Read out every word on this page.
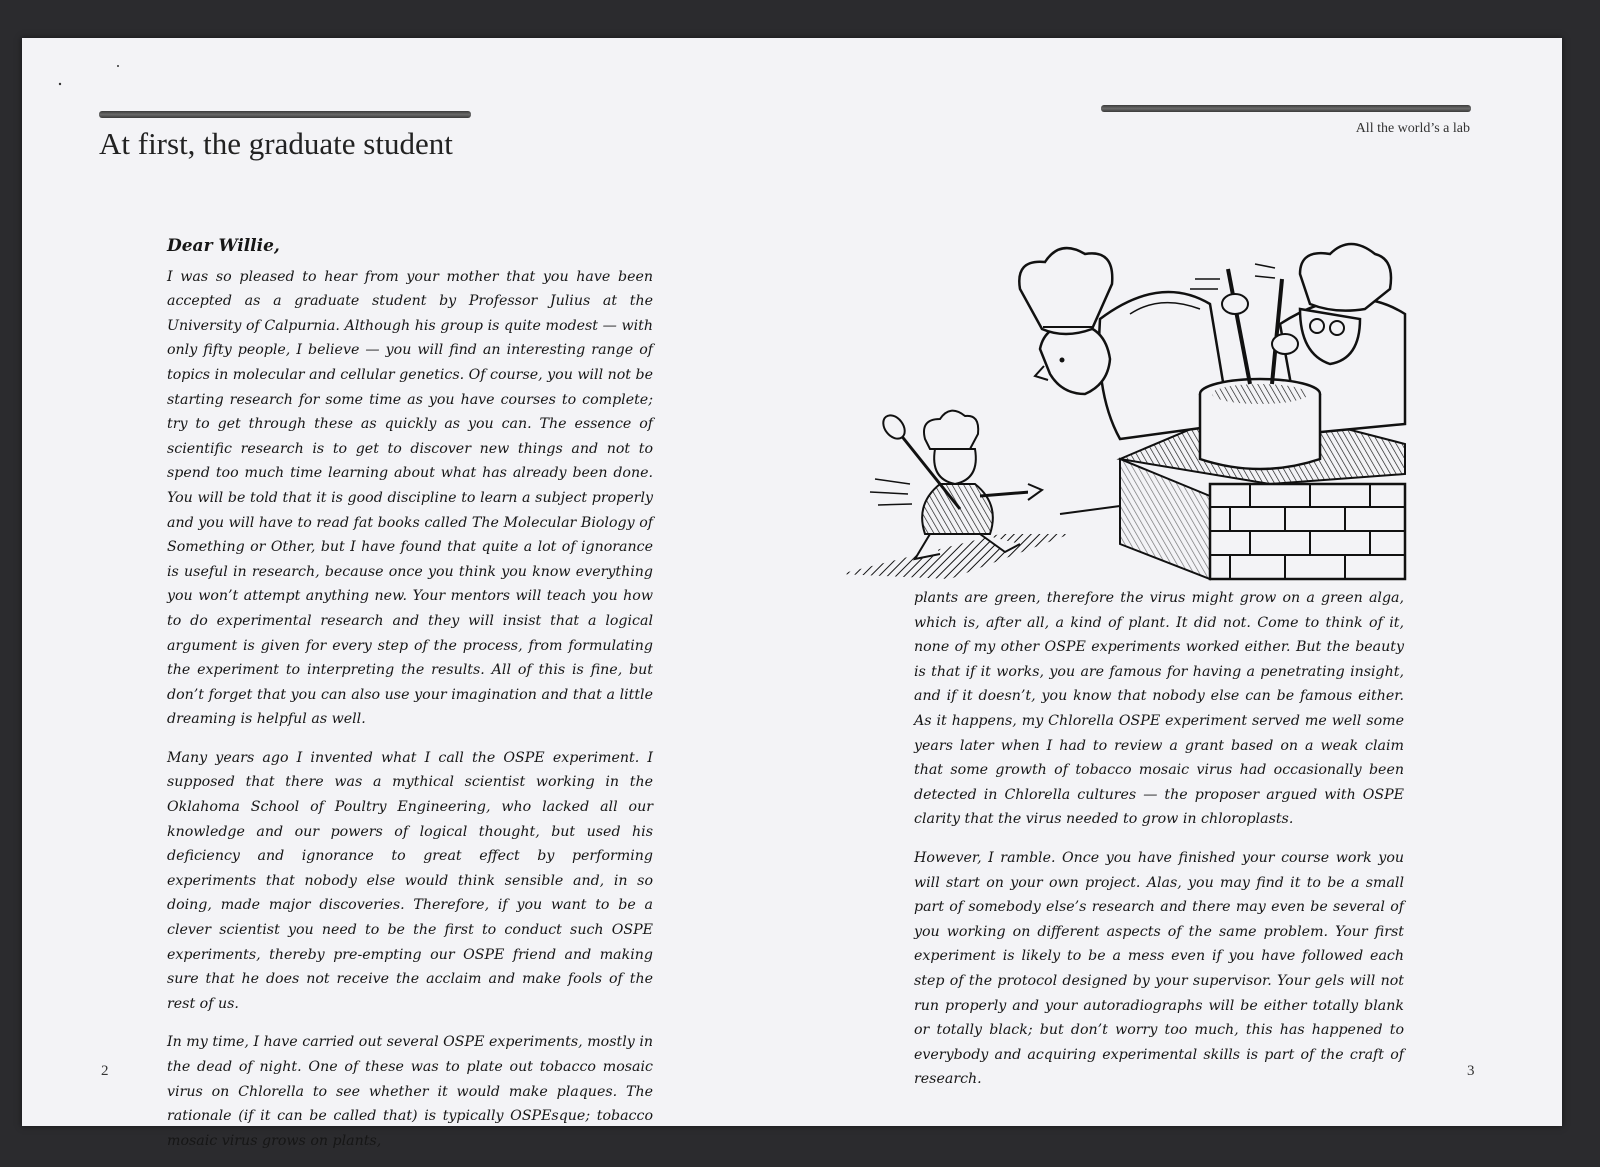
At first, the graduate student	All the world’s a lab
Dear Willie,

I was so pleased to hear from your mother that you have been accepted as a graduate student by Professor Julius at the University of Calpurnia. Although his group is quite modest — with only fifty people, I believe — you will find an interesting range of topics in molecular and cellular genetics. Of course, you will not be starting research for some time as you have courses to complete; try to get through these as quickly as you can. The essence of scientific research is to get to discover new things and not to spend too much time learning about what has already been done. You will be told that it is good discipline to learn a subject properly and you will have to read fat books called The Molecular Biology of Something or Other, but I have found that quite a lot of ignorance is useful in research, because once you think you know everything you won’t attempt anything new. Your mentors will teach you how to do experimental research and they will insist that a logical argument is given for every step of the process, from formulating the experiment to interpreting the results. All of this is fine, but don’t forget that you can also use your imagination and that a little dreaming is helpful as well.

Many years ago I invented what I call the OSPE experiment. I supposed that there was a mythical scientist working in the Oklahoma School of Poultry Engineering, who lacked all our knowledge and our powers of logical thought, but used his deficiency and ignorance to great effect by performing experiments that nobody else would think sensible and, in so doing, made major discoveries. Therefore, if you want to be a clever scientist you need to be the first to conduct such OSPE experiments, thereby pre-empting our OSPE friend and making sure that he does not receive the acclaim and make fools of the rest of us.

In my time, I have carried out several OSPE experiments, mostly in the dead of night. One of these was to plate out tobacco mosaic virus on Chlorella to see whether it would make plaques. The rationale (if it can be called that) is typically OSPEsque; tobacco mosaic virus grows on plants,

plants are green, therefore the virus might grow on a green alga, which is, after all, a kind of plant. It did not. Come to think of it, none of my other OSPE experiments worked either. But the beauty is that if it works, you are famous for having a penetrating insight, and if it doesn’t, you know that nobody else can be famous either. As it happens, my Chlorella OSPE experiment served me well some years later when I had to review a grant based on a weak claim that some growth of tobacco mosaic virus had occasionally been detected in Chlorella cultures — the proposer argued with OSPE clarity that the virus needed to grow in chloroplasts.

However, I ramble. Once you have finished your course work you will start on your own project. Alas, you may find it to be a small part of somebody else’s research and there may even be several of you working on different aspects of the same problem. Your first experiment is likely to be a mess even if you have followed each step of the protocol designed by your supervisor. Your gels will not run properly and your autoradiographs will be either totally blank or totally black; but don’t worry too much, this has happened to everybody and acquiring experimental skills is part of the craft of research.

2	3
